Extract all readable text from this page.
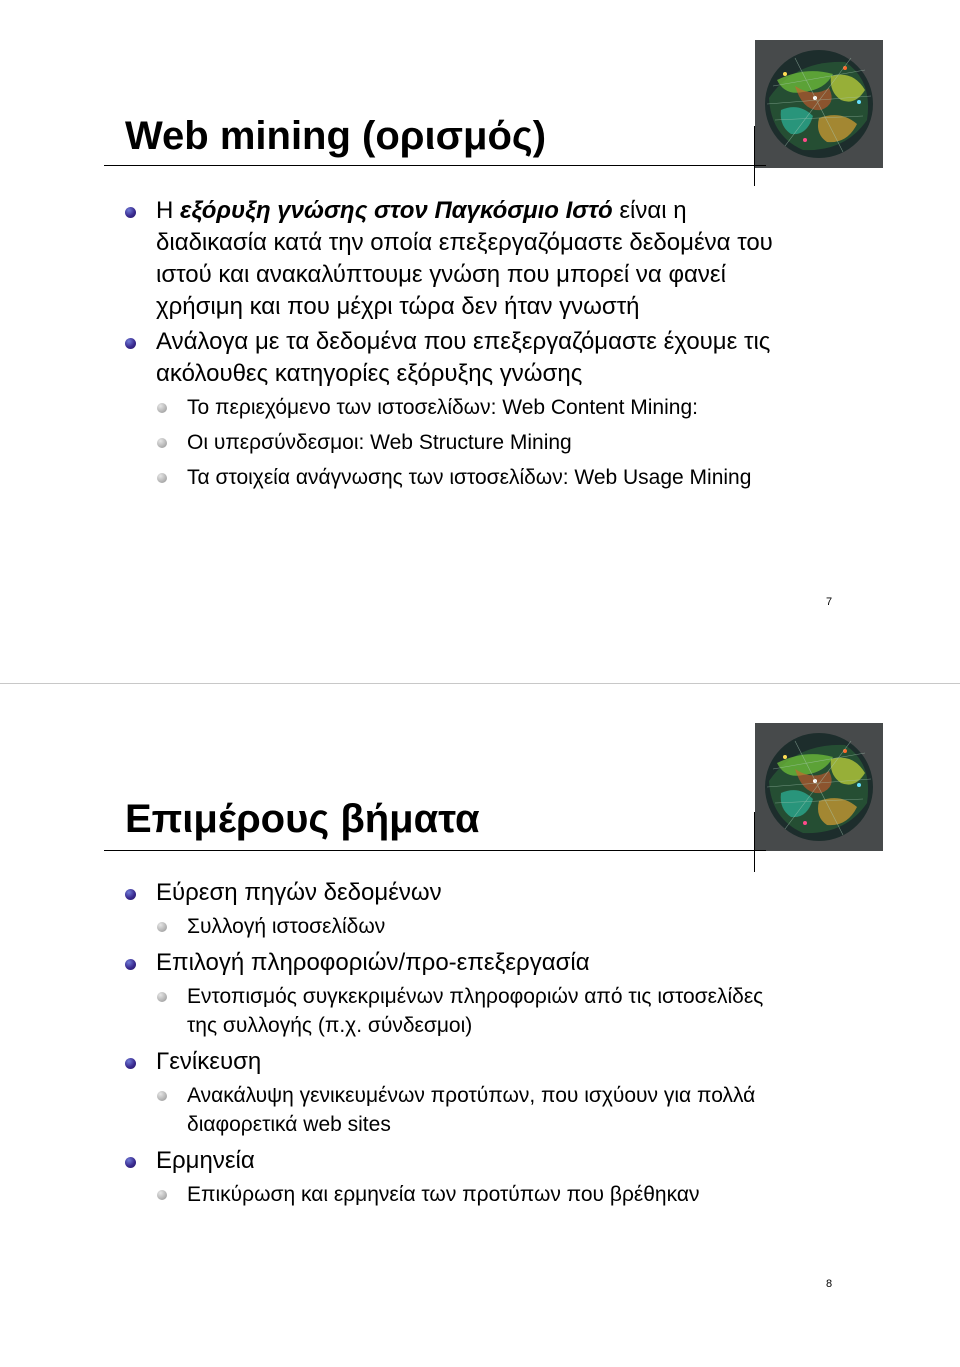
Web mining (ορισμός)
Η εξόρυξη γνώσης στον Παγκόσμιο Ιστό είναι η διαδικασία κατά την οποία επεξεργαζόμαστε δεδομένα του ιστού και ανακαλύπτουμε γνώση που μπορεί να φανεί χρήσιμη και που μέχρι τώρα δεν ήταν γνωστή
Ανάλογα με τα δεδομένα που επεξεργαζόμαστε έχουμε τις ακόλουθες κατηγορίες εξόρυξης γνώσης
Το περιεχόμενο των ιστοσελίδων: Web Content Mining:
Οι υπερσύνδεσμοι: Web Structure Mining
Τα στοιχεία ανάγνωσης των ιστοσελίδων: Web Usage Mining
7
Επιμέρους βήματα
Εύρεση πηγών δεδομένων
Συλλογή ιστοσελίδων
Επιλογή πληροφοριών/προ-επεξεργασία
Εντοπισμός συγκεκριμένων πληροφοριών από τις ιστοσελίδες της συλλογής (π.χ. σύνδεσμοι)
Γενίκευση
Ανακάλυψη γενικευμένων προτύπων, που ισχύουν για πολλά διαφορετικά web sites
Ερμηνεία
Επικύρωση και ερμηνεία των προτύπων που βρέθηκαν
8
